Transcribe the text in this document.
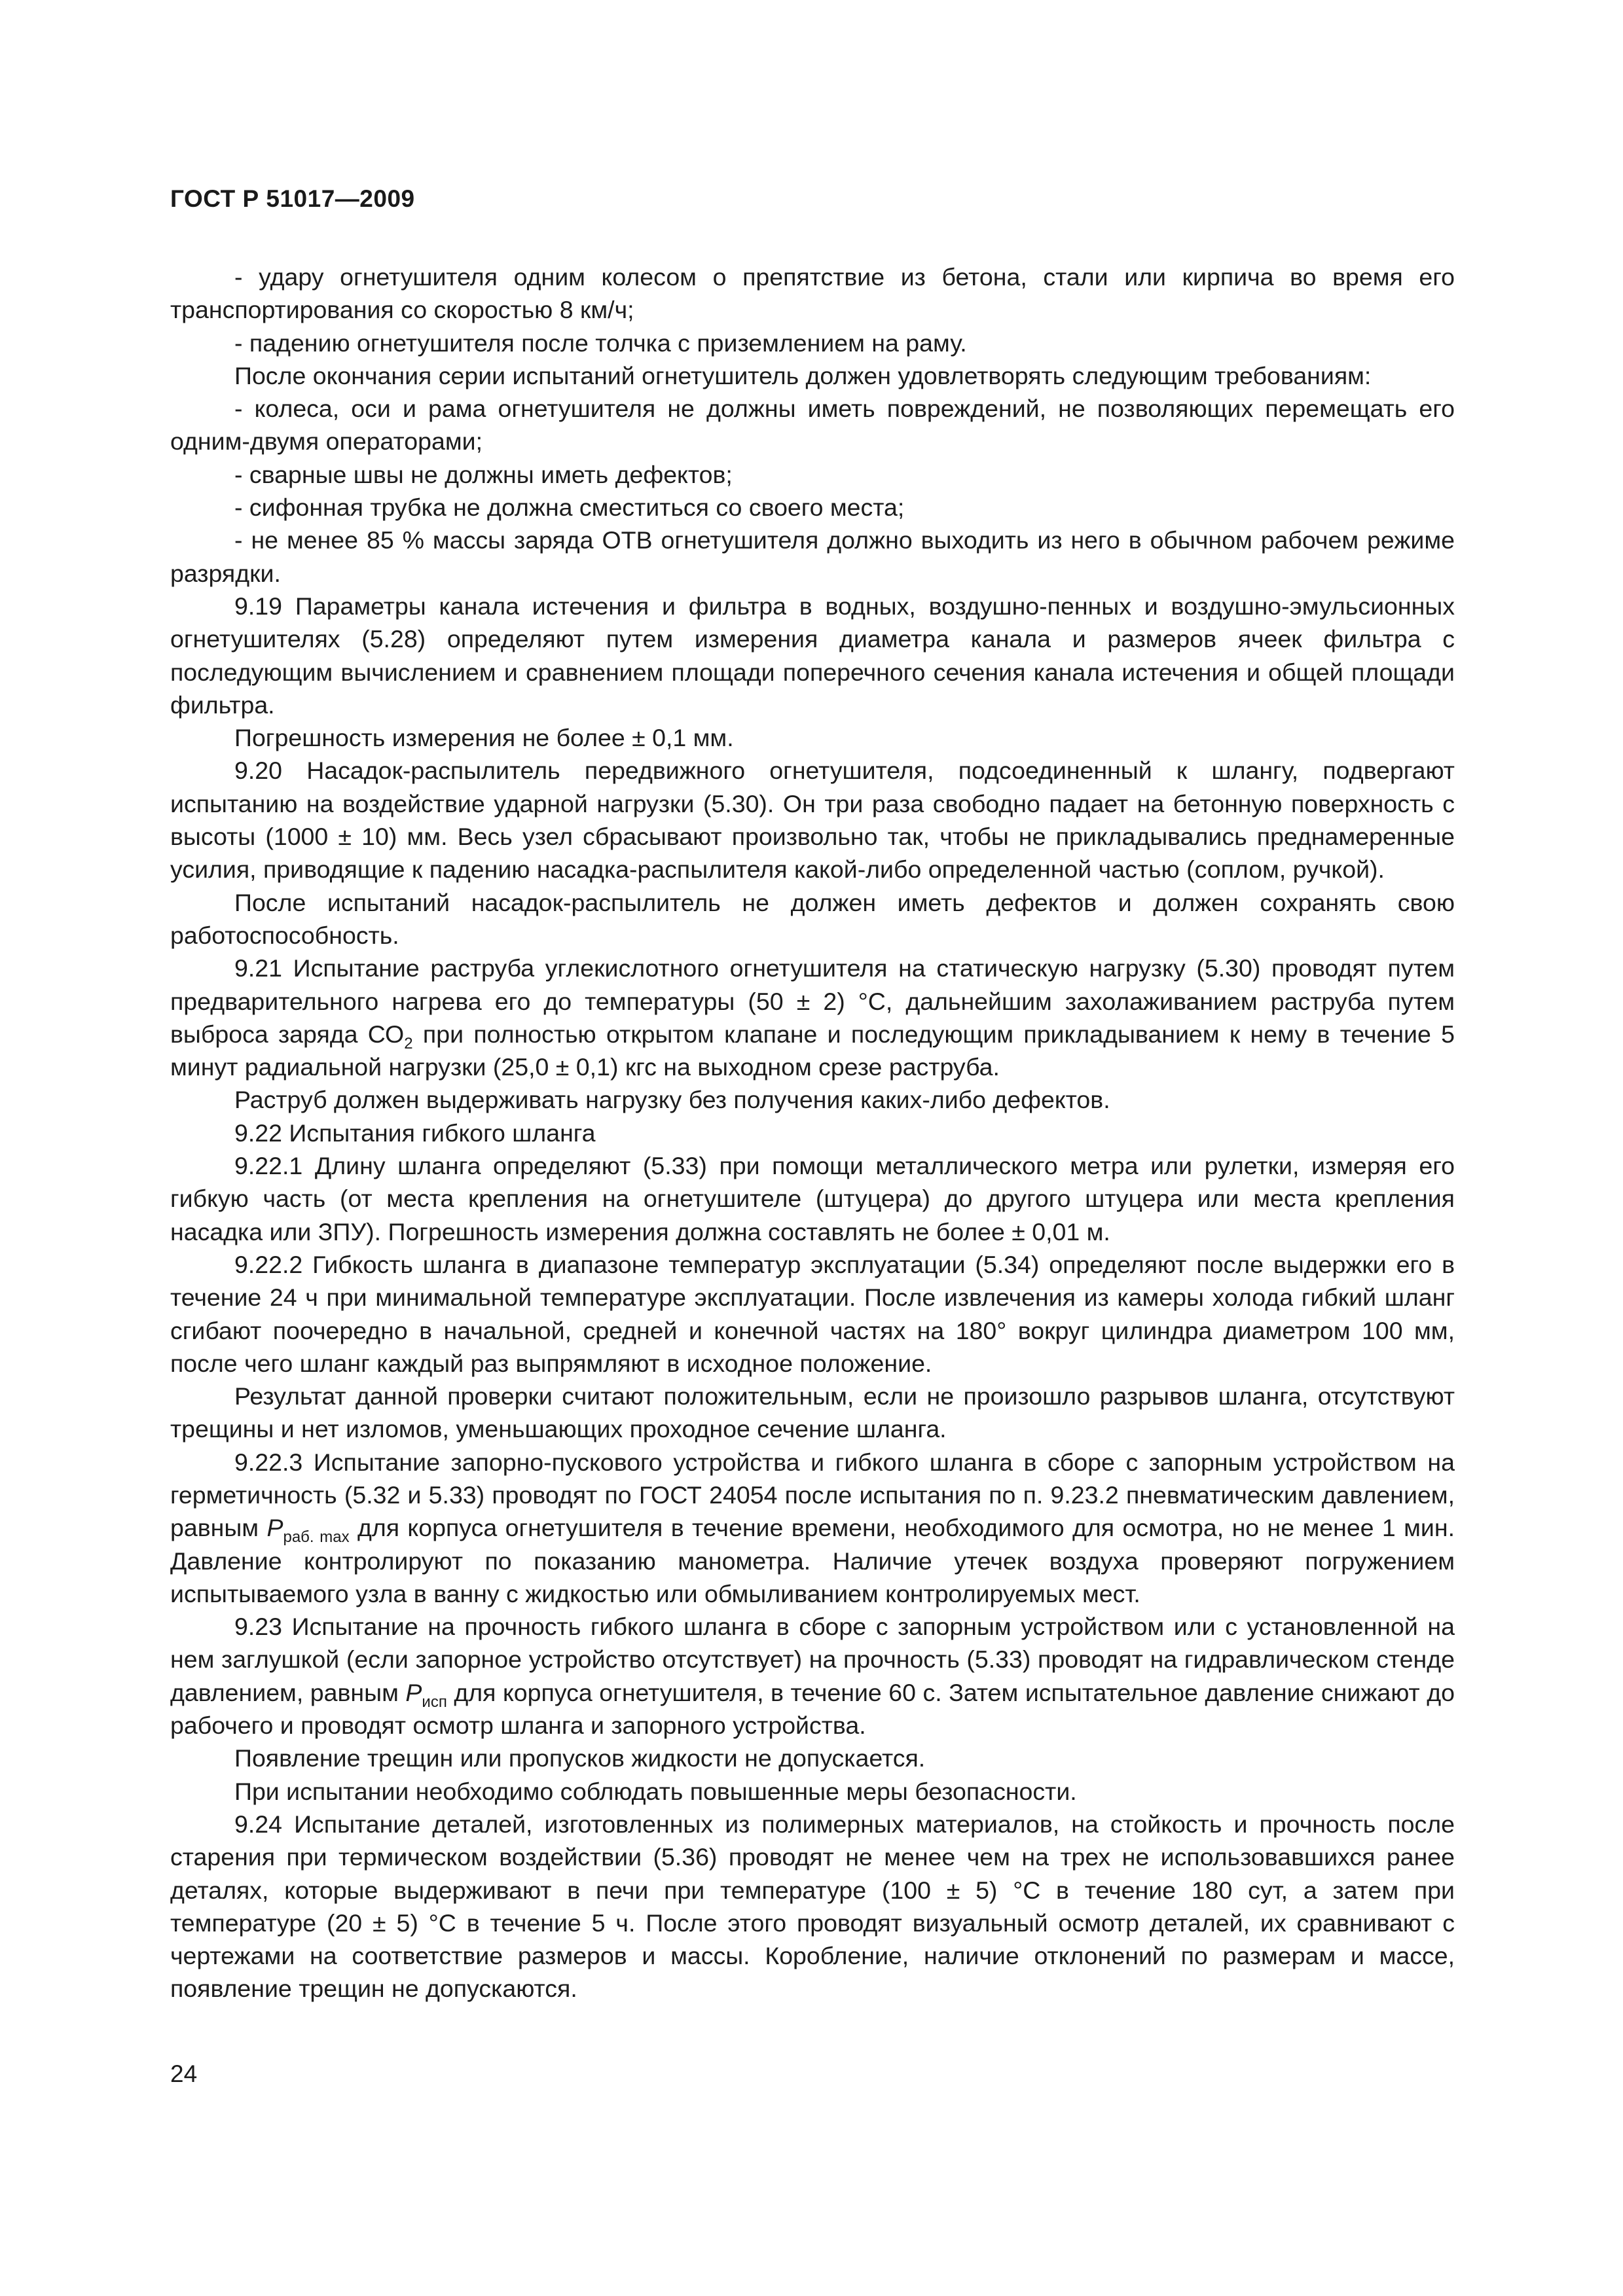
ГОСТ Р 51017—2009

- удару огнетушителя одним колесом о препятствие из бетона, стали или кирпича во время его транспортирования со скоростью 8 км/ч;

- падению огнетушителя после толчка с приземлением на раму.

После окончания серии испытаний огнетушитель должен удовлетворять следующим требованиям:

- колеса, оси и рама огнетушителя не должны иметь повреждений, не позволяющих перемещать его одним-двумя операторами;

- сварные швы не должны иметь дефектов;

- сифонная трубка не должна сместиться со своего места;

- не менее 85 % массы заряда ОТВ огнетушителя должно выходить из него в обычном рабочем режиме разрядки.

9.19 Параметры канала истечения и фильтра в водных, воздушно-пенных и воздушно-эмульсионных огнетушителях (5.28) определяют путем измерения диаметра канала и размеров ячеек фильтра с последующим вычислением и сравнением площади поперечного сечения канала истечения и общей площади фильтра.

Погрешность измерения не более ± 0,1 мм.

9.20 Насадок-распылитель передвижного огнетушителя, подсоединенный к шлангу, подвергают испытанию на воздействие ударной нагрузки (5.30). Он три раза свободно падает на бетонную поверхность с высоты (1000 ± 10) мм. Весь узел сбрасывают произвольно так, чтобы не прикладывались преднамеренные усилия, приводящие к падению насадка-распылителя какой-либо определенной частью (соплом, ручкой).

После испытаний насадок-распылитель не должен иметь дефектов и должен сохранять свою работоспособность.

9.21 Испытание раструба углекислотного огнетушителя на статическую нагрузку (5.30) проводят путем предварительного нагрева его до температуры (50 ± 2) °С, дальнейшим захолаживанием раструба путем выброса заряда $СО_2$ при полностью открытом клапане и последующим прикладыванием к нему в течение 5 минут радиальной нагрузки (25,0 ± 0,1) кгс на выходном срезе раструба.

Раструб должен выдерживать нагрузку без получения каких-либо дефектов.

9.22 Испытания гибкого шланга

9.22.1 Длину шланга определяют (5.33) при помощи металлического метра или рулетки, измеряя его гибкую часть (от места крепления на огнетушителе (штуцера) до другого штуцера или места крепления насадка или ЗПУ). Погрешность измерения должна составлять не более ± 0,01 м.

9.22.2 Гибкость шланга в диапазоне температур эксплуатации (5.34) определяют после выдержки его в течение 24 ч при минимальной температуре эксплуатации. После извлечения из камеры холода гибкий шланг сгибают поочередно в начальной, средней и конечной частях на 180° вокруг цилиндра диаметром 100 мм, после чего шланг каждый раз выпрямляют в исходное положение.

Результат данной проверки считают положительным, если не произошло разрывов шланга, отсутствуют трещины и нет изломов, уменьшающих проходное сечение шланга.

9.22.3 Испытание запорно-пускового устройства и гибкого шланга в сборе с запорным устройством на герметичность (5.32 и 5.33) проводят по ГОСТ 24054 после испытания по п. 9.23.2 пневматическим давлением, равным $P_{раб. max}$ для корпуса огнетушителя в течение времени, необходимого для осмотра, но не менее 1 мин. Давление контролируют по показанию манометра. Наличие утечек воздуха проверяют погружением испытываемого узла в ванну с жидкостью или обмыливанием контролируемых мест.

9.23 Испытание на прочность гибкого шланга в сборе с запорным устройством или с установленной на нем заглушкой (если запорное устройство отсутствует) на прочность (5.33) проводят на гидравлическом стенде давлением, равным $P_{исп}$ для корпуса огнетушителя, в течение 60 с. Затем испытательное давление снижают до рабочего и проводят осмотр шланга и запорного устройства.

Появление трещин или пропусков жидкости не допускается.

При испытании необходимо соблюдать повышенные меры безопасности.

9.24 Испытание деталей, изготовленных из полимерных материалов, на стойкость и прочность после старения при термическом воздействии (5.36) проводят не менее чем на трех не использовавшихся ранее деталях, которые выдерживают в печи при температуре (100 ± 5) °С в течение 180 сут, а затем при температуре (20 ± 5) °С в течение 5 ч. После этого проводят визуальный осмотр деталей, их сравнивают с чертежами на соответствие размеров и массы. Коробление, наличие отклонений по размерам и массе, появление трещин не допускаются.

24
